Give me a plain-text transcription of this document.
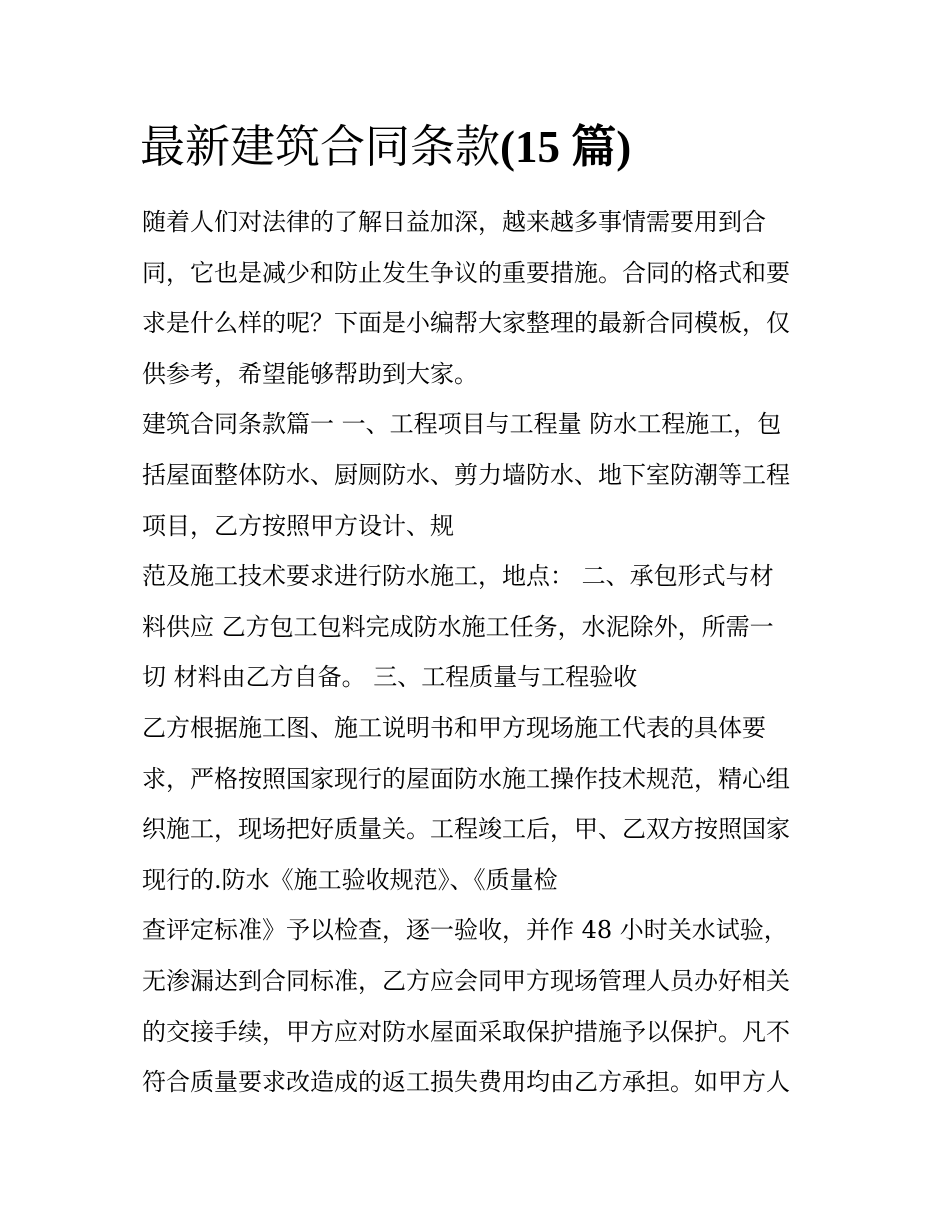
最新建筑合同条款(15 篇)
随着人们对法律的了解日益加深，越来越多事情需要用到合
同，它也是减少和防止发生争议的重要措施。合同的格式和要
求是什么样的呢？下面是小编帮大家整理的最新合同模板，仅
供参考，希望能够帮助到大家。
建筑合同条款篇一 一、工程项目与工程量 防水工程施工，包
括屋面整体防水、厨厕防水、剪力墙防水、地下室防潮等工程
项目，乙方按照甲方设计、规
范及施工技术要求进行防水施工，地点： 二、承包形式与材
料供应 乙方包工包料完成防水施工任务，水泥除外，所需一
切 材料由乙方自备。 三、工程质量与工程验收
乙方根据施工图、施工说明书和甲方现场施工代表的具体要
求，严格按照国家现行的屋面防水施工操作技术规范，精心组
织施工，现场把好质量关。工程竣工后，甲、乙双方按照国家
现行的.防水《施工验收规范》、《质量检
查评定标准》予以检查，逐一验收，并作 48 小时关水试验，
无渗漏达到合同标准，乙方应会同甲方现场管理人员办好相关
的交接手续，甲方应对防水屋面采取保护措施予以保护。凡不
符合质量要求改造成的返工损失费用均由乙方承担。如甲方人
